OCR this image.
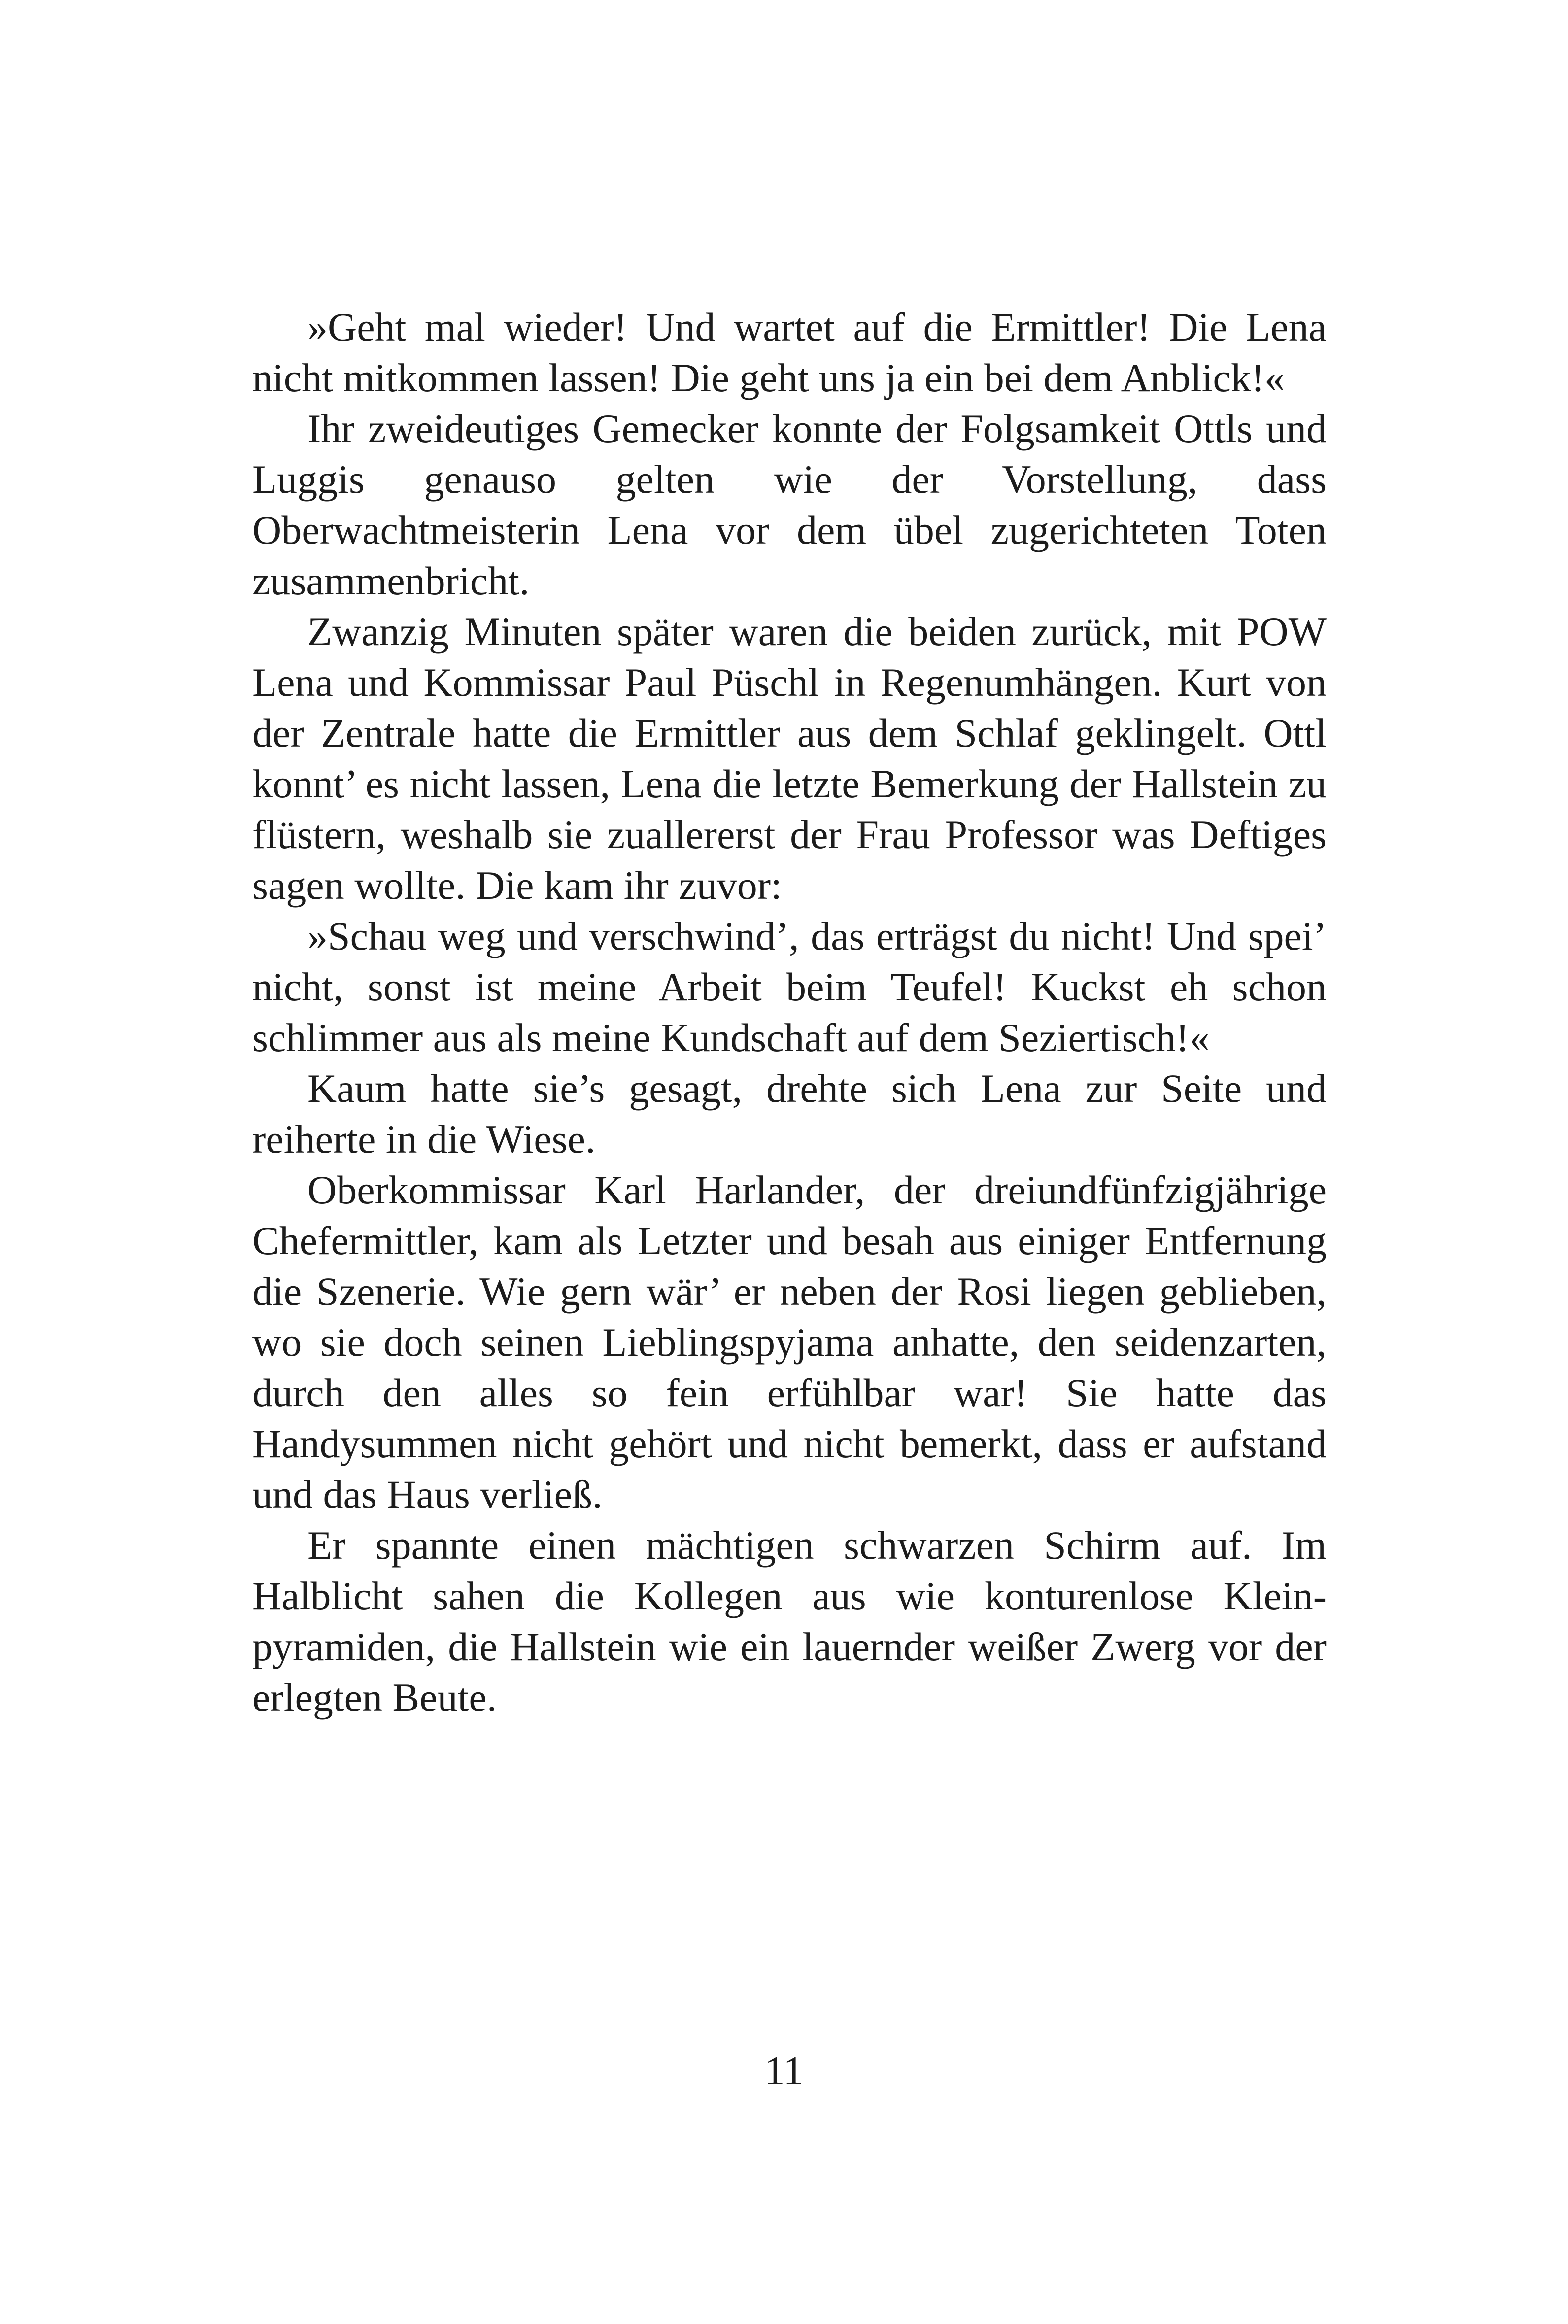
»Geht mal wieder! Und wartet auf die Ermittler! Die Lena nicht mitkommen lassen! Die geht uns ja ein bei dem Anblick!«

Ihr zweideutiges Gemecker konnte der Folgsamkeit Ottls und Luggis genauso gelten wie der Vorstellung, dass Oberwachtmeisterin Lena vor dem übel zugerichteten Toten zusammenbricht.

Zwanzig Minuten später waren die beiden zurück, mit POW Lena und Kommissar Paul Püschl in Regenumhängen. Kurt von der Zentrale hatte die Ermittler aus dem Schlaf geklingelt. Ottl konnt’ es nicht lassen, Lena die letzte Bemerkung der Hallstein zu flüstern, weshalb sie zuallererst der Frau Professor was Deftiges sagen wollte. Die kam ihr zuvor:

»Schau weg und verschwind’, das erträgst du nicht! Und spei’ nicht, sonst ist meine Arbeit beim Teufel! Kuckst eh schon schlimmer aus als meine Kundschaft auf dem Seziertisch!«

Kaum hatte sie’s gesagt, drehte sich Lena zur Seite und reiherte in die Wiese.

Oberkommissar Karl Harlander, der dreiundfünfzigjährige Chefermittler, kam als Letzter und besah aus einiger Entfernung die Szenerie. Wie gern wär’ er neben der Rosi liegen geblieben, wo sie doch seinen Lieblingspyjama anhatte, den seidenzarten, durch den alles so fein erfühlbar war! Sie hatte das Handysummen nicht gehört und nicht bemerkt, dass er aufstand und das Haus verließ.

Er spannte einen mächtigen schwarzen Schirm auf. Im Halblicht sahen die Kollegen aus wie konturenlose Kleinpyramiden, die Hallstein wie ein lauernder weißer Zwerg vor der erlegten Beute.

11
